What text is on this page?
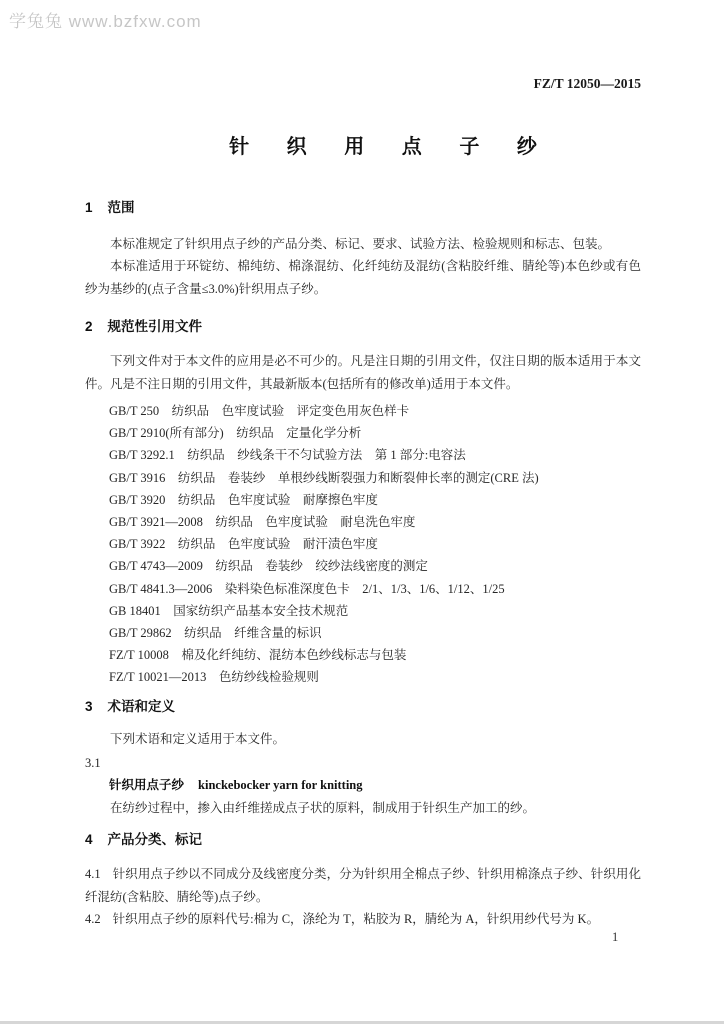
学兔兔 www.bzfxw.com
FZ/T 12050—2015
针 织 用 点 子 纱
1 范围

本标准规定了针织用点子纱的产品分类、标记、要求、试验方法、检验规则和标志、包装。

本标准适用于环锭纺、棉纯纺、棉涤混纺、化纤纯纺及混纺(含粘胶纤维、腈纶等)本色纱或有色纱为基纱的(点子含量≤3.0%)针织用点子纱。

2 规范性引用文件

下列文件对于本文件的应用是必不可少的。凡是注日期的引用文件，仅注日期的版本适用于本文件。凡是不注日期的引用文件，其最新版本(包括所有的修改单)适用于本文件。

GB/T 250　纺织品　色牢度试验　评定变色用灰色样卡
GB/T 2910(所有部分)　纺织品　定量化学分析
GB/T 3292.1　纺织品　纱线条干不匀试验方法　第 1 部分:电容法
GB/T 3916　纺织品　卷装纱　单根纱线断裂强力和断裂伸长率的测定(CRE 法)
GB/T 3920　纺织品　色牢度试验　耐摩擦色牢度
GB/T 3921—2008　纺织品　色牢度试验　耐皂洗色牢度
GB/T 3922　纺织品　色牢度试验　耐汗渍色牢度
GB/T 4743—2009　纺织品　卷装纱　绞纱法线密度的测定
GB/T 4841.3—2006　染料染色标准深度色卡　2/1、1/3、1/6、1/12、1/25
GB 18401　国家纺织产品基本安全技术规范
GB/T 29862　纺织品　纤维含量的标识
FZ/T 10008　棉及化纤纯纺、混纺本色纱线标志与包装
FZ/T 10021—2013　色纺纱线检验规则
3 术语和定义

下列术语和定义适用于本文件。

3.1
针织用点子纱 kinckebocker yarn for knitting

在纺纱过程中，掺入由纤维搓成点子状的原料，制成用于针织生产加工的纱。

4 产品分类、标记

4.1 针织用点子纱以不同成分及线密度分类，分为针织用全棉点子纱、针织用棉涤点子纱、针织用化纤混纺(含粘胶、腈纶等)点子纱。

4.2 针织用点子纱的原料代号:棉为 C，涤纶为 T，粘胶为 R，腈纶为 A，针织用纱代号为 K。

1
